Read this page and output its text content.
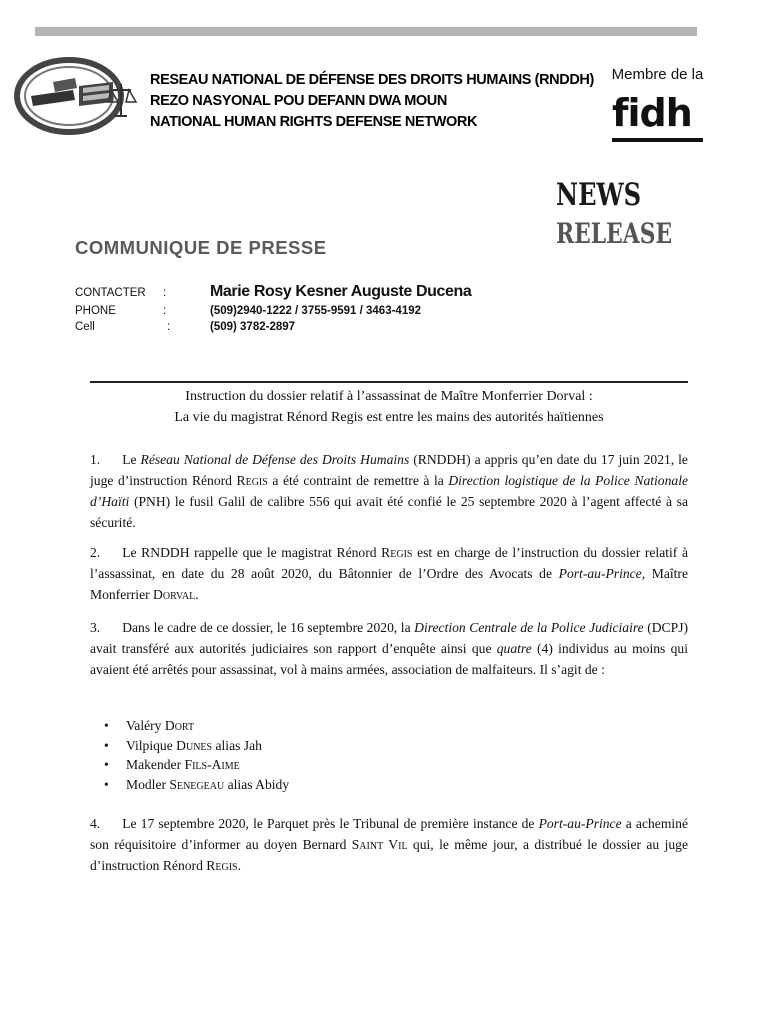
RESEAU NATIONAL DE DÉFENSE DES DROITS HUMAINS (RNDDH)
REZO NASYONAL POU DEFANN DWA MOUN
NATIONAL HUMAN RIGHTS DEFENSE NETWORK
Membre de la
fidh
NEWS
RELEASE
COMMUNIQUE DE PRESSE
CONTACTER	:	Marie Rosy Kesner Auguste Ducena
PHONE	:	(509)2940-1222 / 3755-9591 / 3463-4192
Cell	:	(509) 3782-2897
Instruction du dossier relatif à l’assassinat de Maître Monferrier Dorval :
La vie du magistrat Rénord Regis est entre les mains des autorités haïtiennes
1. Le Réseau National de Défense des Droits Humains (RNDDH) a appris qu’en date du 17 juin 2021, le juge d’instruction Rénord Regis a été contraint de remettre à la Direction logistique de la Police Nationale d’Haïti (PNH) le fusil Galil de calibre 556 qui avait été confié le 25 septembre 2020 à l’agent affecté à sa sécurité.
2. Le RNDDH rappelle que le magistrat Rénord Regis est en charge de l’instruction du dossier relatif à l’assassinat, en date du 28 août 2020, du Bâtonnier de l’Ordre des Avocats de Port-au-Prince, Maître Monferrier Dorval.
3. Dans le cadre de ce dossier, le 16 septembre 2020, la Direction Centrale de la Police Judiciaire (DCPJ) avait transféré aux autorités judiciaires son rapport d’enquête ainsi que quatre (4) individus au moins qui avaient été arrêtés pour assassinat, vol à mains armées, association de malfaiteurs. Il s’agit de :
• Valéry Dort
• Vilpique Dunes alias Jah
• Makender Fils-Aime
• Modler Senegeau alias Abidy
4. Le 17 septembre 2020, le Parquet près le Tribunal de première instance de Port-au-Prince a acheminé son réquisitoire d’informer au doyen Bernard Saint Vil qui, le même jour, a distribué le dossier au juge d’instruction Rénord Regis.
